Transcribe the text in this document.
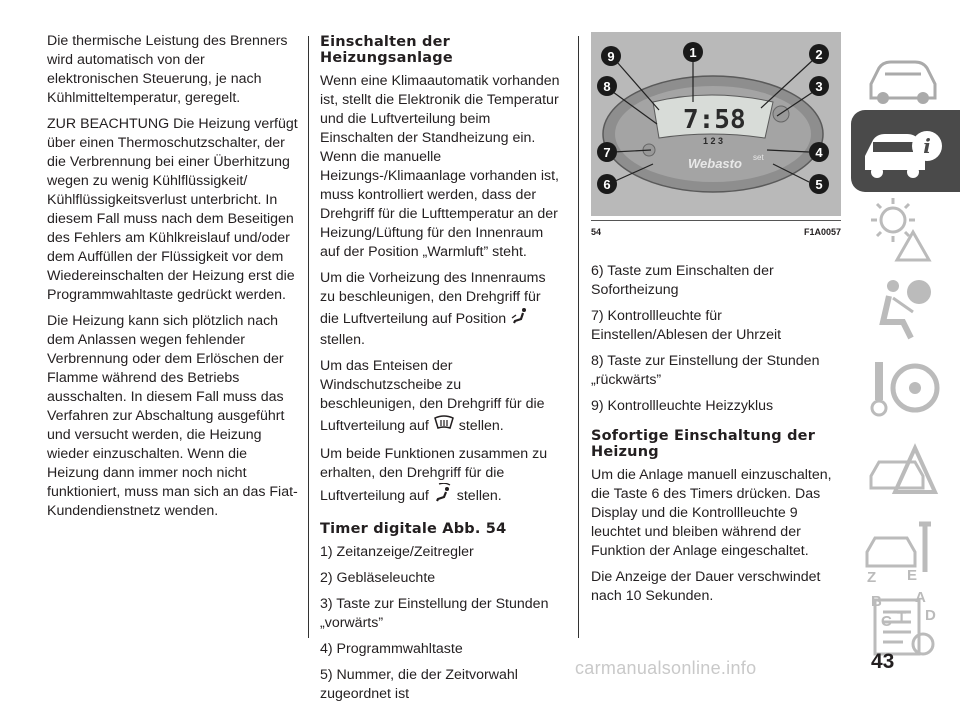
Die thermische Leistung des Brenners wird automatisch von der elektronischen Steuerung, je nach Kühlmitteltemperatur, geregelt.

ZUR BEACHTUNG Die Heizung verfügt über einen Thermoschutzschalter, der die Verbrennung bei einer Überhitzung wegen zu wenig Kühlflüssigkeit/ Kühlflüssigkeitsverlust unterbricht. In diesem Fall muss nach dem Beseitigen des Fehlers am Kühlkreislauf und/oder dem Auffüllen der Flüssigkeit vor dem Wiedereinschalten der Heizung erst die Programmwahltaste gedrückt werden.

Die Heizung kann sich plötzlich nach dem Anlassen wegen fehlender Verbrennung oder dem Erlöschen der Flamme während des Betriebs ausschalten. In diesem Fall muss das Verfahren zur Abschaltung ausgeführt und versucht werden, die Heizung wieder einzuschalten. Wenn die Heizung dann immer noch nicht funktioniert, muss man sich an das Fiat-Kundendienstnetz wenden.

Einschalten der Heizungsanlage

Wenn eine Klimaautomatik vorhanden ist, stellt die Elektronik die Temperatur und die Luftverteilung beim Einschalten der Standheizung ein. Wenn die manuelle Heizungs-/Klimaanlage vorhanden ist, muss kontrolliert werden, dass der Drehgriff für die Lufttemperatur an der Heizung/Lüftung für den Innenraum auf der Position „Warmluft” steht.

Um die Vorheizung des Innenraums zu beschleunigen, den Drehgriff für die Luftverteilung auf Position  stellen.

Um das Enteisen der Windschutzscheibe zu beschleunigen, den Drehgriff für die Luftverteilung auf stellen.

Um beide Funktionen zusammen zu erhalten, den Drehgriff für die Luftverteilung auf stellen.

Timer digitale Abb. 54

1) Zeitanzeige/Zeitregler

2) Gebläseleuchte

3) Taste zur Einstellung der Stunden „vorwärts”

4) Programmwahltaste

5) Nummer, die der Zeitvorwahl zugeordnet ist

7:58
1 2 3
Webasto set
9	1	2
8	3
7	4
6	5
54	F1A0057

6) Taste zum Einschalten der Sofortheizung

7) Kontrollleuchte für Einstellen/Ablesen der Uhrzeit

8) Taste zur Einstellung der Stunden „rückwärts”

9) Kontrollleuchte Heizzyklus

Sofortige Einschaltung der Heizung

Um die Anlage manuell einzuschalten, die Taste 6 des Timers drücken. Das Display und die Kontrollleuchte 9 leuchtet und bleiben während der Funktion der Anlage eingeschaltet.

Die Anzeige der Dauer verschwindet nach 10 Sekunden.

i
Z E
A
B
C D
T
43
carmanualsonline.info
